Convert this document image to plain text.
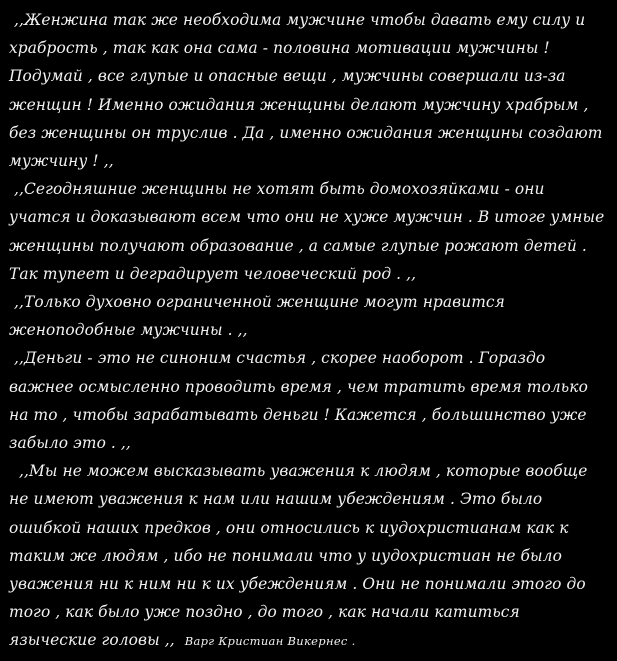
,,Женжина так же необходима мужчине чтобы давать ему силу и храбрость , так как она сама - половина мотивации мужчины ! Подумай , все глупые и опасные вещи , мужчины совершали из-за женщин ! Именно ожидания женщины делают мужчину храбрым , без женщины он труслив . Да , именно ожидания женщины создают мужчину ! ,,

,,Сегодняшние женщины не хотят быть домохозяйками - они учатся и доказывают всем что они не хуже мужчин . В итоге умные женщины получают образование , а самые глупые рожают детей . Так тупеет и деградирует человеческий род . ,,

,,Только духовно ограниченной женщине могут нравится женоподобные мужчины . ,,

,,Деньги - это не синоним счастья , скорее наоборот . Гораздо важнее осмысленно проводить время , чем тратить время только на то , чтобы зарабатывать деньги ! Кажется , большинство уже забыло это . ,,

,,Мы не можем высказывать уважения к людям , которые вообще не имеют уважения к нам или нашим убеждениям . Это было ошибкой наших предков , они относились к иудохристианам как к таким же людям , ибо не понимали что у иудохристиан не было уважения ни к ним ни к их убеждениям . Они не понимали этого до того , как было уже поздно , до того , как начали катиться языческие головы ,,  Варг Кристиан Викернес .
